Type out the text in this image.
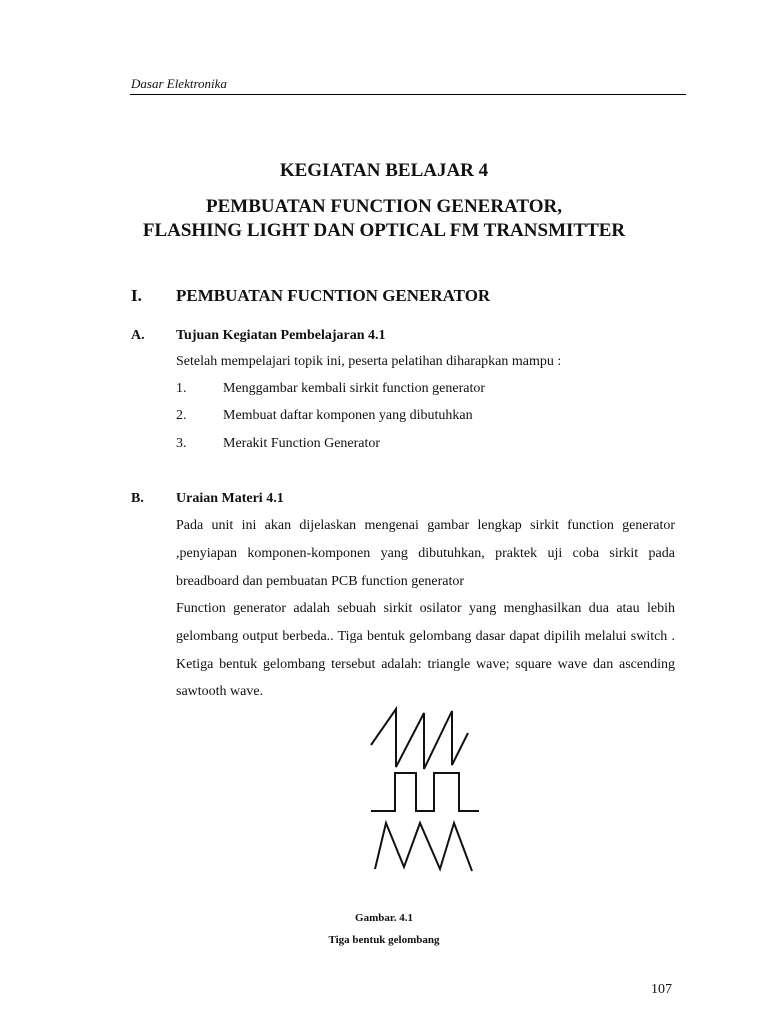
Dasar Elektronika
KEGIATAN BELAJAR 4
PEMBUATAN FUNCTION GENERATOR,
FLASHING LIGHT DAN OPTICAL FM TRANSMITTER
I. PEMBUATAN FUCNTION GENERATOR
A. Tujuan Kegiatan Pembelajaran 4.1
Setelah mempelajari topik ini, peserta pelatihan diharapkan mampu :
1.	Menggambar kembali sirkit function generator
2.	Membuat daftar komponen yang dibutuhkan
3.	Merakit Function Generator
B. Uraian Materi 4.1
Pada unit ini akan dijelaskan mengenai gambar lengkap sirkit function generator ,penyiapan komponen-komponen yang dibutuhkan, praktek uji coba sirkit pada breadboard dan pembuatan PCB function generator
Function generator adalah sebuah sirkit osilator yang menghasilkan dua atau lebih gelombang output berbeda.. Tiga bentuk gelombang dasar dapat dipilih melalui switch . Ketiga bentuk gelombang tersebut adalah: triangle wave; square wave dan ascending sawtooth wave.
Gambar. 4.1
Tiga bentuk gelombang
107
